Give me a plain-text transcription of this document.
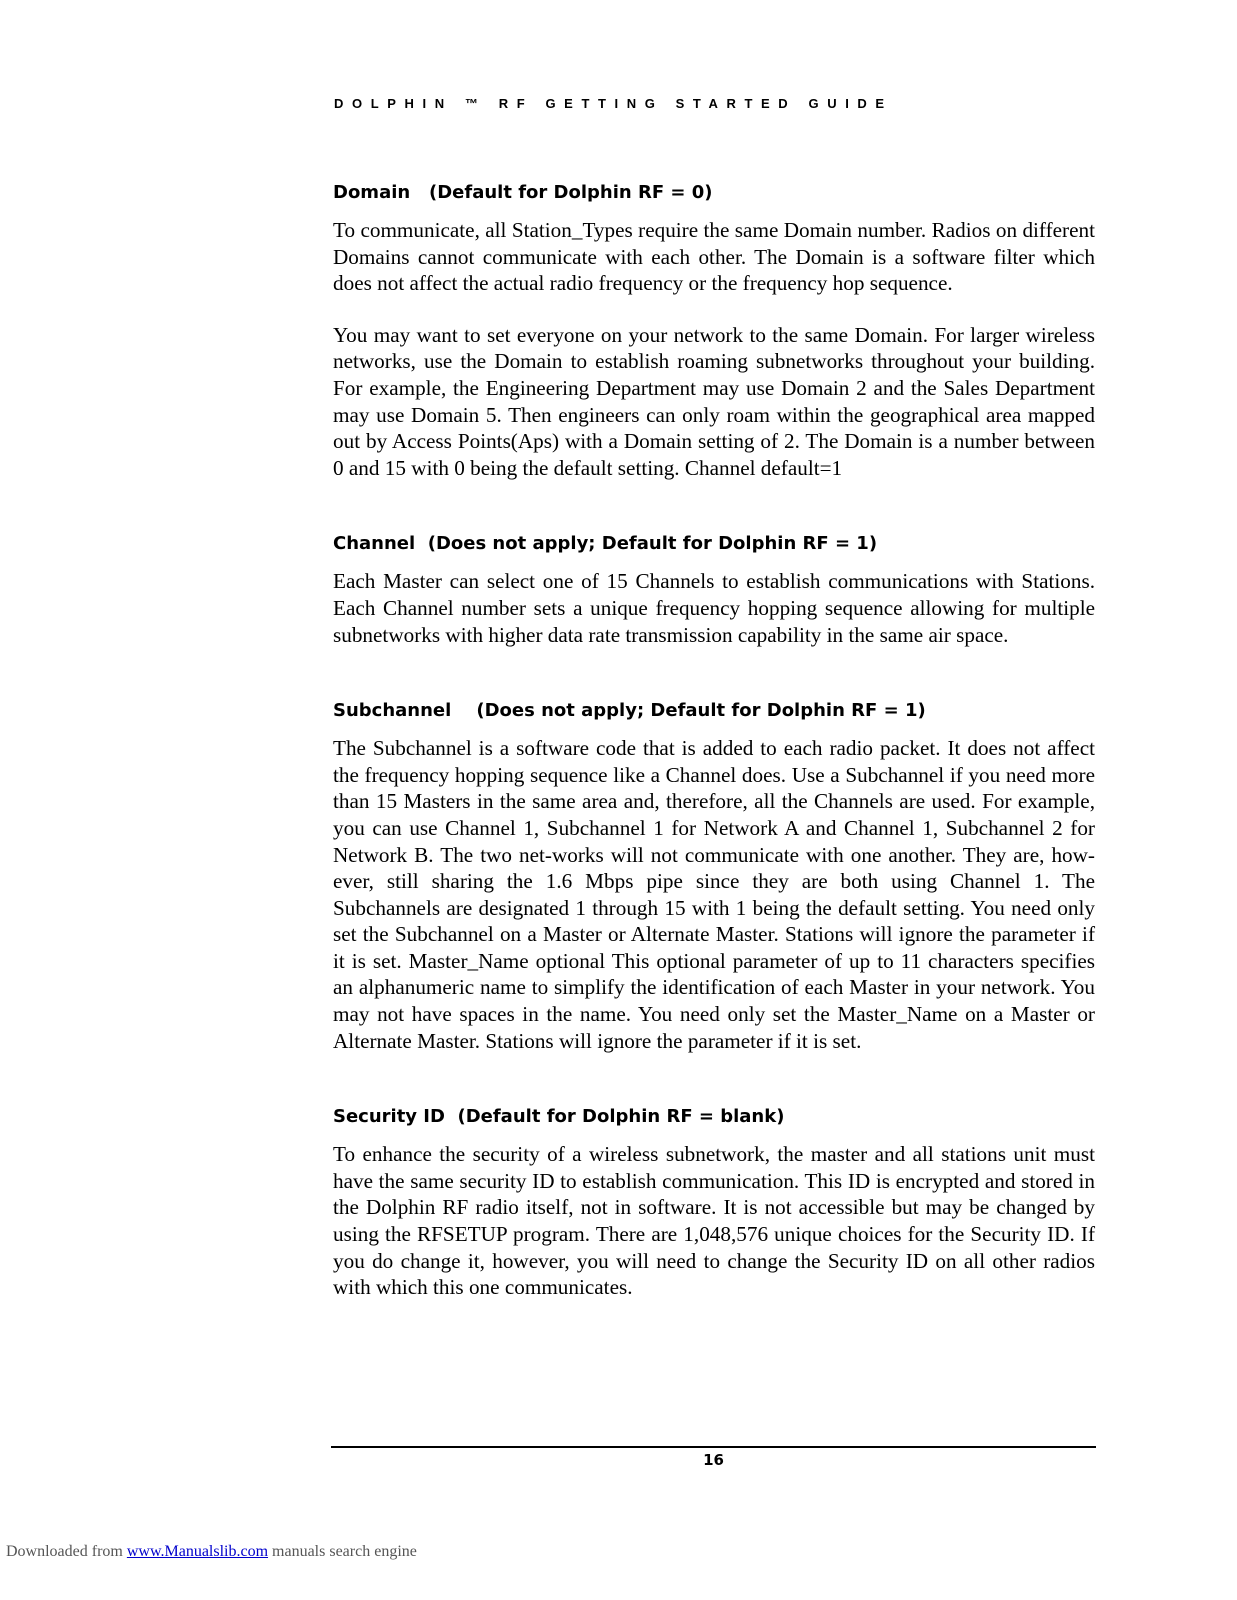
DOLPHIN ™ RF GETTING STARTED GUIDE
Domain   (Default for Dolphin RF = 0)

To communicate, all Station_Types require the same Domain number. Radios on different Domains cannot communicate with each other. The Domain is a software filter which does not affect the actual radio frequency or the frequency hop sequence.

You may want to set everyone on your network to the same Domain. For larger wireless networks, use the Domain to establish roaming subnetworks throughout your building. For example, the Engineering Department may use Domain 2 and the Sales Department may use Domain 5. Then engineers can only roam within the geographical area mapped out by Access Points(Aps) with a Domain setting of 2. The Domain is a number between 0 and 15 with 0 being the default setting. Channel default=1

Channel  (Does not apply; Default for Dolphin RF = 1)

Each Master can select one of 15 Channels to establish communications with Stations. Each Channel number sets a unique frequency hopping sequence allowing for multiple subnetworks with higher data rate transmission capability in the same air space.

Subchannel    (Does not apply; Default for Dolphin RF = 1)

The Subchannel is a software code that is added to each radio packet. It does not affect the frequency hopping sequence like a Channel does. Use a Subchannel if you need more than 15 Masters in the same area and, therefore, all the Channels are used. For example, you can use Channel 1, Subchannel 1 for Network A and Channel 1, Subchannel 2 for Network B. The two net-works will not communicate with one another. They are, how-ever, still sharing the 1.6 Mbps pipe since they are both using Channel 1. The Subchannels are designated 1 through 15 with 1 being the default setting. You need only set the Subchannel on a Master or Alternate Master. Stations will ignore the parameter if it is set. Master_Name optional This optional parameter of up to 11 characters specifies an alphanumeric name to simplify the identification of each Master in your network. You may not have spaces in the name. You need only set the Master_Name on a Master or Alternate Master. Stations will ignore the parameter if it is set.

Security ID  (Default for Dolphin RF = blank)

To enhance the security of a wireless subnetwork, the master and all stations unit must have the same security ID to establish communication. This ID is encrypted and stored in the Dolphin RF radio itself, not in software. It is not accessible but may be changed by using the RFSETUP program. There are 1,048,576 unique choices for the Security ID. If you do change it, however, you will need to change the Security ID on all other radios with which this one communicates.

16
Downloaded from www.Manualslib.com manuals search engine
